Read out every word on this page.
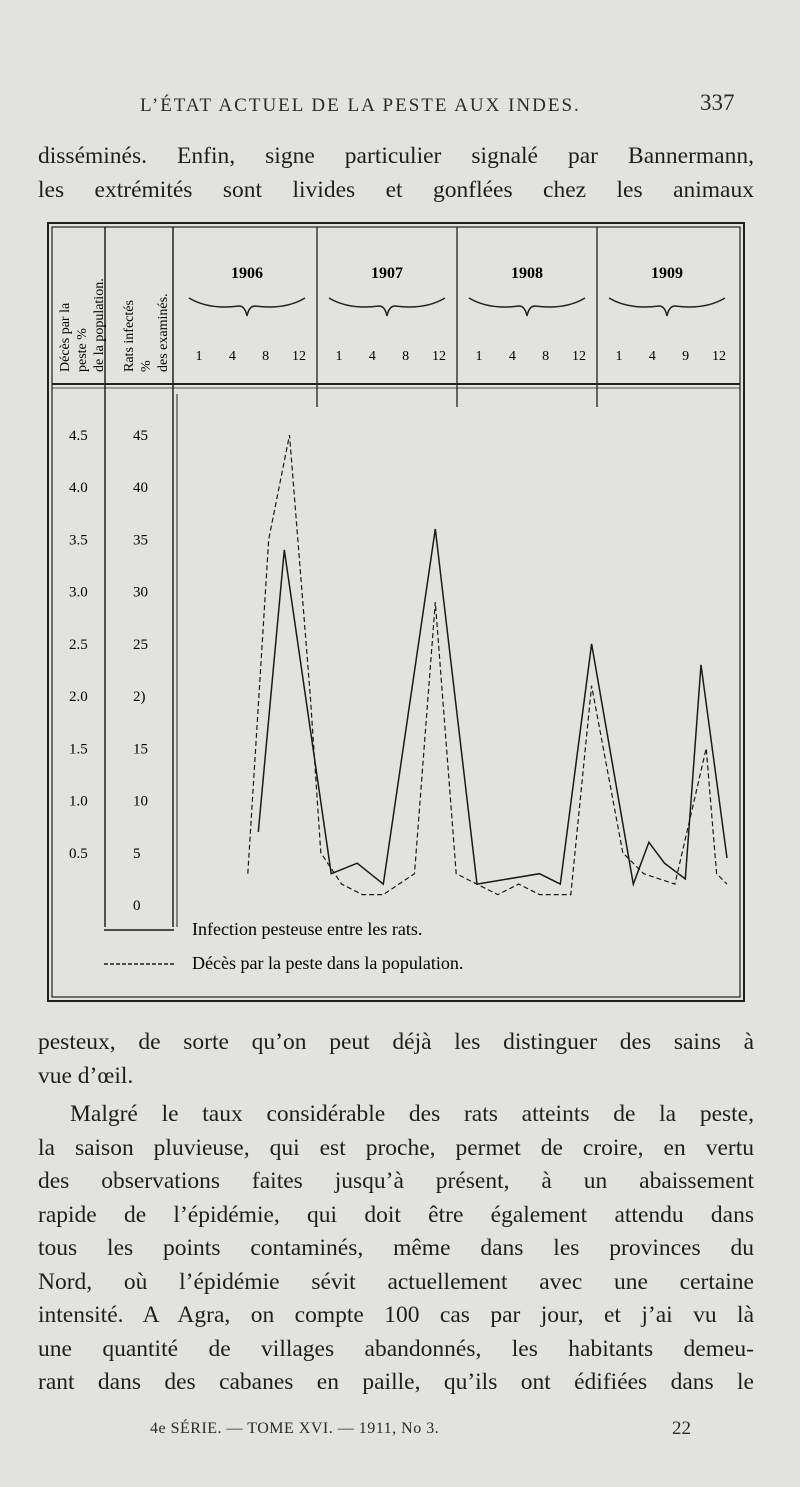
L’ÉTAT ACTUEL DE LA PESTE AUX INDES.	337
disséminés. Enfin, signe particulier signalé par Bannermann,
les extrémités sont livides et gonflées chez les animaux
Décès par la peste % de la population. Rats infectés % des examinés.
1906
1 4 8 12
1907
1 4 8 12
1908
1 4 8 12
1909
1 4 9 12
4.5
4.0
3.5
3.0
2.5
2.0
1.5
1.0
0.5
45
40
35
30
25
2)
15
10
5
0
Infection pesteuse entre les rats.
Décès par la peste dans la population.
pesteux, de sorte qu’on peut déjà les distinguer des sains à
vue d’œil.
Malgré le taux considérable des rats atteints de la peste,
la saison pluvieuse, qui est proche, permet de croire, en vertu
des observations faites jusqu’à présent, à un abaissement
rapide de l’épidémie, qui doit être également attendu dans
tous les points contaminés, même dans les provinces du
Nord, où l’épidémie sévit actuellement avec une certaine
intensité. A Agra, on compte 100 cas par jour, et j’ai vu là
une quantité de villages abandonnés, les habitants demeu-
rant dans des cabanes en paille, qu’ils ont édifiées dans le
4e SÉRIE. — TOME XVI. — 1911, No 3.	22
